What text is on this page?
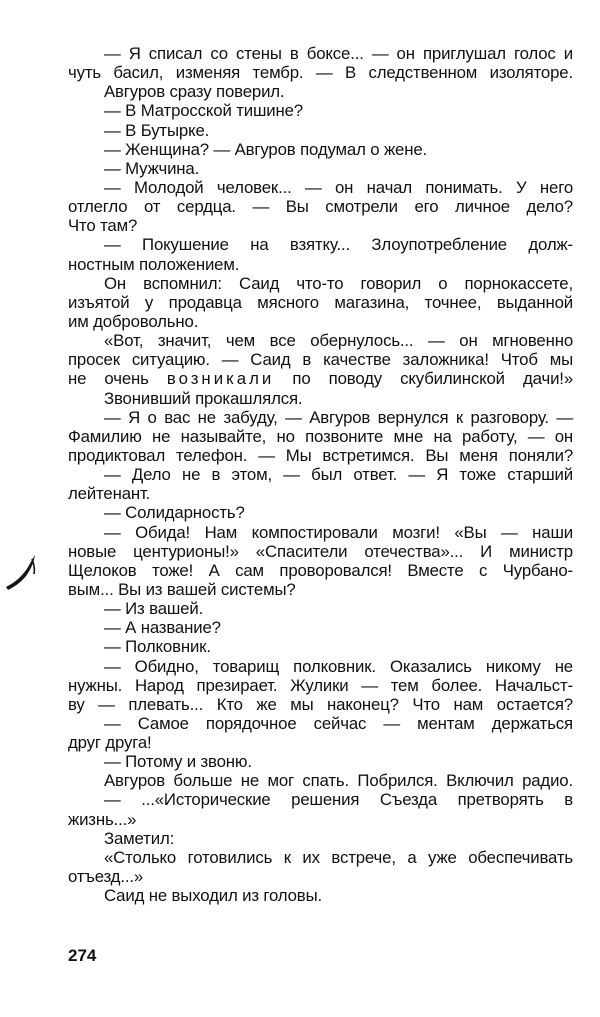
— Я списал со стены в боксе... — он приглушал голос и
чуть басил, изменяя тембр. — В следственном изоляторе.
Авгуров сразу поверил.
— В Матросской тишине?
— В Бутырке.
— Женщина? — Авгуров подумал о жене.
— Мужчина.
— Молодой человек... — он начал понимать. У него
отлегло от сердца. — Вы смотрели его личное дело?
Что там?
— Покушение на взятку... Злоупотребление долж-
ностным положением.
Он вспомнил: Саид что-то говорил о порнокассете,
изъятой у продавца мясного магазина, точнее, выданной
им добровольно.
«Вот, значит, чем все обернулось... — он мгновенно
просек ситуацию. — Саид в качестве заложника! Чтоб мы
не очень возникали по поводу скубилинской дачи!»
Звонивший прокашлялся.
— Я о вас не забуду, — Авгуров вернулся к разговору. —
Фамилию не называйте, но позвоните мне на работу, — он
продиктовал телефон. — Мы встретимся. Вы меня поняли?
— Дело не в этом, — был ответ. — Я тоже старший
лейтенант.
— Солидарность?
— Обида! Нам компостировали мозги! «Вы — наши
новые центурионы!» «Спасители отечества»... И министр
Щелоков тоже! А сам проворовался! Вместе с Чурбано-
вым... Вы из вашей системы?
— Из вашей.
— А название?
— Полковник.
— Обидно, товарищ полковник. Оказались никому не
нужны. Народ презирает. Жулики — тем более. Начальст-
ву — плевать... Кто же мы наконец? Что нам остается?
— Самое порядочное сейчас — ментам держаться
друг друга!
— Потому и звоню.
Авгуров больше не мог спать. Побрился. Включил радио.
— ...«Исторические решения Съезда претворять в
жизнь...»
Заметил:
«Столько готовились к их встрече, а уже обеспечивать
отъезд...»
Саид не выходил из головы.
274
